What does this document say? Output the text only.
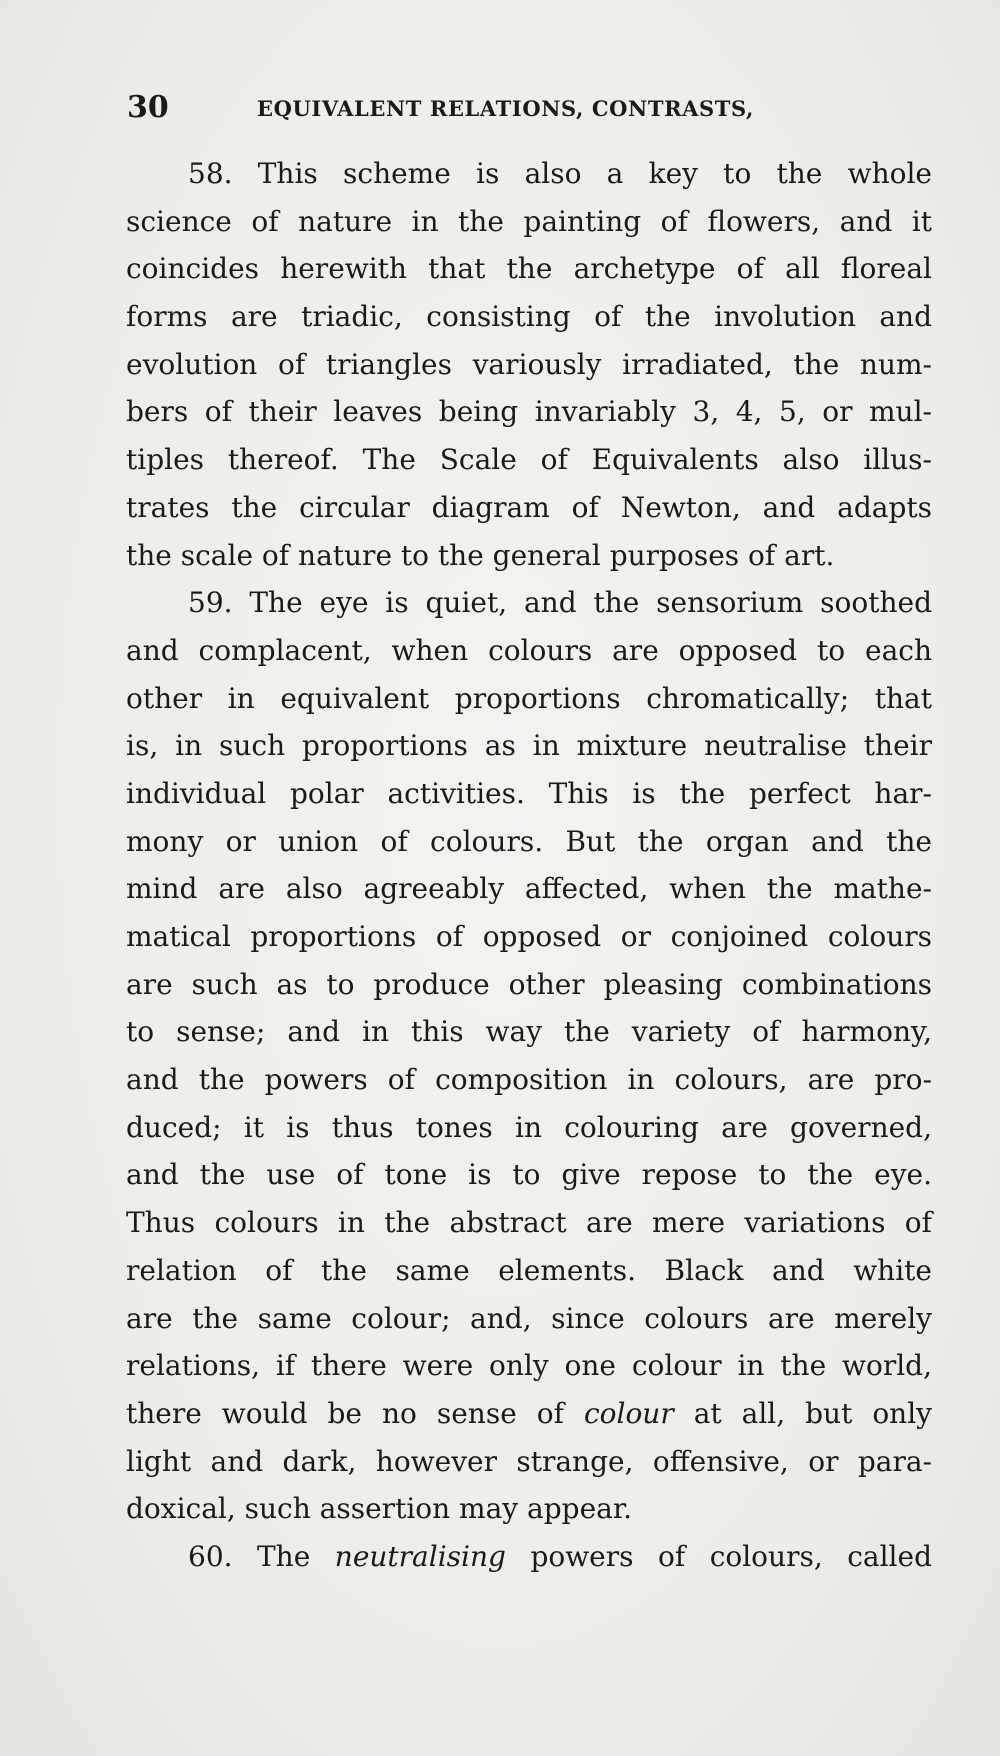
30	EQUIVALENT RELATIONS, CONTRASTS,
58. This scheme is also a key to the whole
science of nature in the painting of flowers, and it
coincides herewith that the archetype of all floreal
forms are triadic, consisting of the involution and
evolution of triangles variously irradiated, the num-
bers of their leaves being invariably 3, 4, 5, or mul-
tiples thereof. The Scale of Equivalents also illus-
trates the circular diagram of Newton, and adapts
the scale of nature to the general purposes of art.
59. The eye is quiet, and the sensorium soothed
and complacent, when colours are opposed to each
other in equivalent proportions chromatically; that
is, in such proportions as in mixture neutralise their
individual polar activities. This is the perfect har-
mony or union of colours. But the organ and the
mind are also agreeably affected, when the mathe-
matical proportions of opposed or conjoined colours
are such as to produce other pleasing combinations
to sense; and in this way the variety of harmony,
and the powers of composition in colours, are pro-
duced; it is thus tones in colouring are governed,
and the use of tone is to give repose to the eye.
Thus colours in the abstract are mere variations of
relation of the same elements. Black and white
are the same colour; and, since colours are merely
relations, if there were only one colour in the world,
there would be no sense of colour at all, but only
light and dark, however strange, offensive, or para-
doxical, such assertion may appear.
60. The neutralising powers of colours, called
